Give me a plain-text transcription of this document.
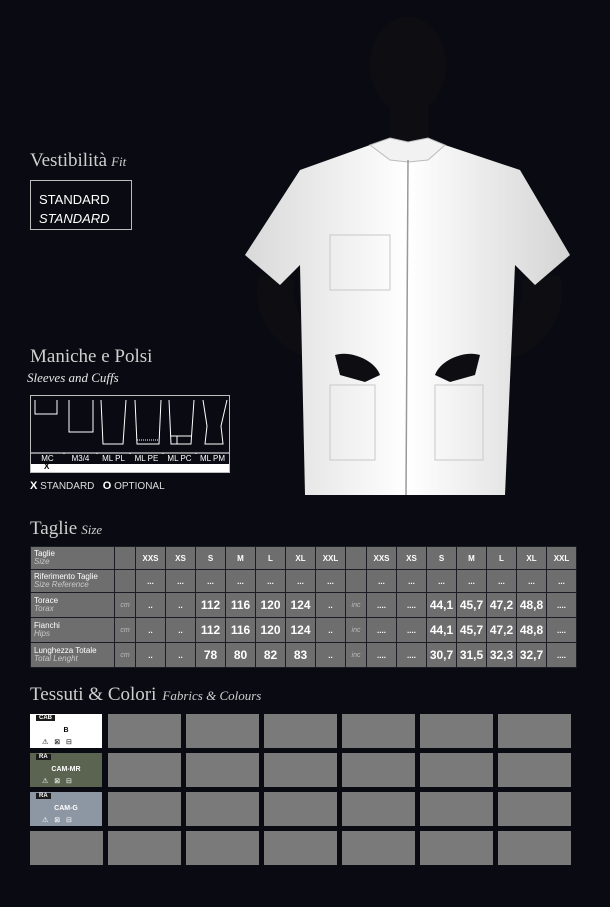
Vestibilità Fit
STANDARD
STANDARD
Maniche e Polsi
Sleeves and Cuffs
MC	M3/4	ML PL	ML PE	ML PC	ML PM
X
X STANDARD O OPTIONAL
Taglie Size
Taglie
Size		XXS	XS	S	M	L	XL	XXL		XXS	XS	S	M	L	XL	XXL
Riferimento Taglie
Size Reference		...	...	...	...	...	...	...		...	...	...	...	...	...	...
Torace
Torax	cm	..	..	112	116	120	124	..	inc	....	....	44,1	45,7	47,2	48,8	....
Fianchi
Hips	cm	..	..	112	116	120	124	..	inc	....	....	44,1	45,7	47,2	48,8	....
Lunghezza Totale
Total Lenght	cm	..	..	78	80	82	83	..	inc	....	....	30,7	31,5	32,3	32,7	....
Tessuti & Colori Fabrics & Colours
CAB
B
⚠ ⊠ ⊟
RA
CAM-MR
⚠ ⊠ ⊟
RA
CAM-G
⚠ ⊠ ⊟
